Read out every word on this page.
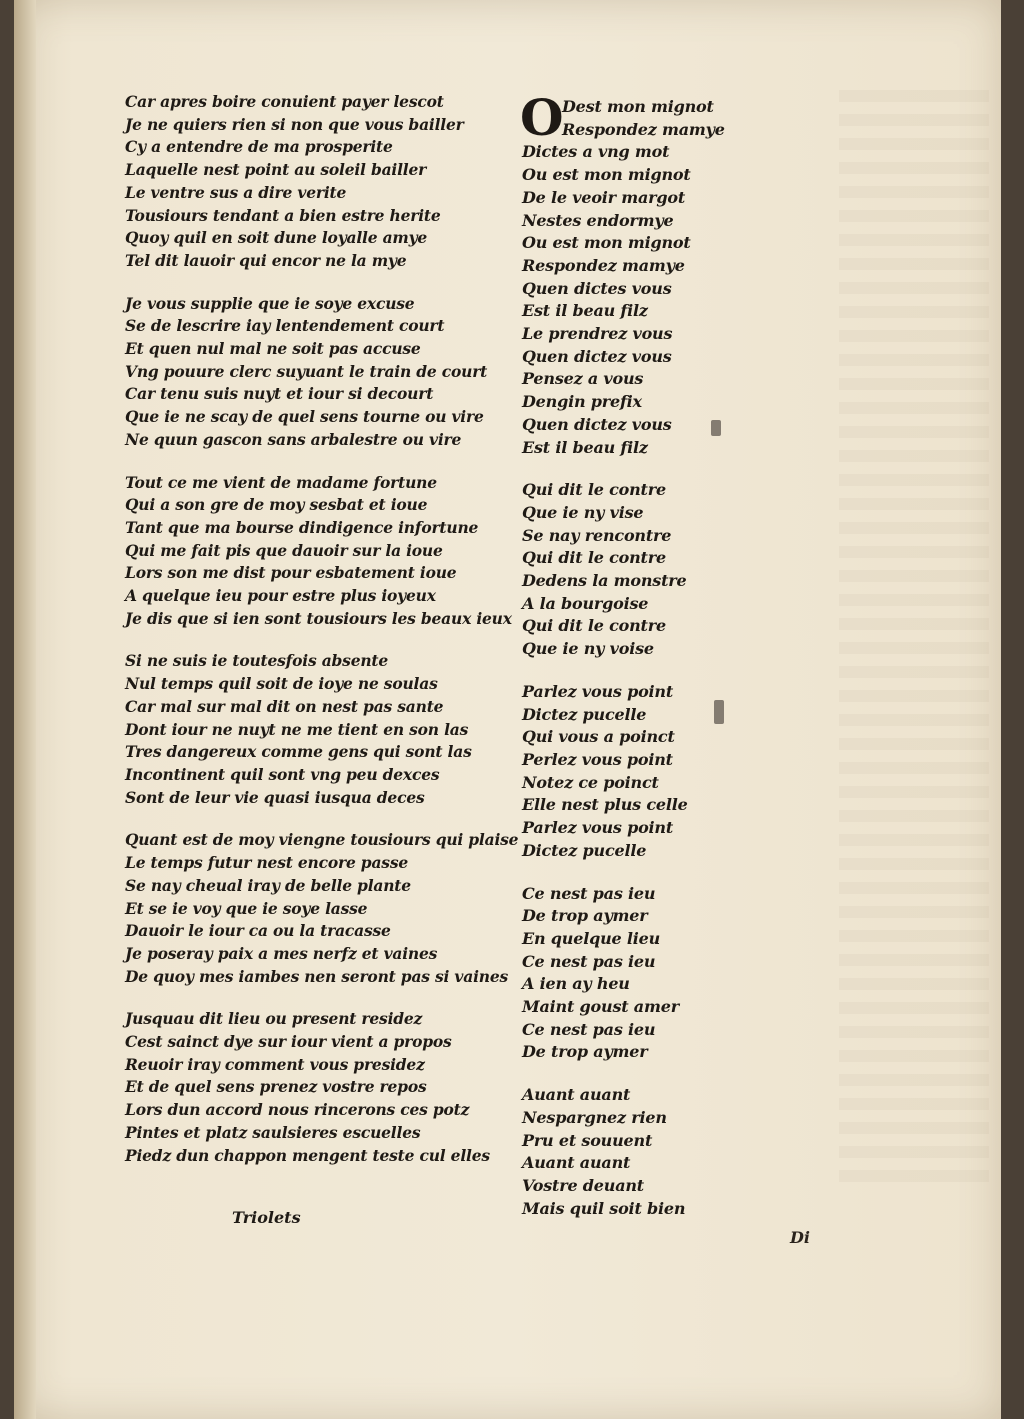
Car apres boire conuient payer lescot
Je ne quiers rien si non que vous bailler
Cy a entendre de ma prosperite
Laquelle nest point au soleil bailler
Le ventre sus a dire verite
Tousiours tendant a bien estre herite
Quoy quil en soit dune loyalle amye
Tel dit lauoir qui encor ne la mye
Je vous supplie que ie soye excuse
Se de lescrire iay lentendement court
Et quen nul mal ne soit pas accuse
Vng pouure clerc suyuant le train de court
Car tenu suis nuyt et iour si decourt
Que ie ne scay de quel sens tourne ou vire
Ne quun gascon sans arbalestre ou vire
Tout ce me vient de madame fortune
Qui a son gre de moy sesbat et ioue
Tant que ma bourse dindigence infortune
Qui me fait pis que dauoir sur la ioue
Lors son me dist pour esbatement ioue
A quelque ieu pour estre plus ioyeux
Je dis que si ien sont tousiours les beaux ieux
Si ne suis ie toutesfois absente
Nul temps quil soit de ioye ne soulas
Car mal sur mal dit on nest pas sante
Dont iour ne nuyt ne me tient en son las
Tres dangereux comme gens qui sont las
Incontinent quil sont vng peu dexces
Sont de leur vie quasi iusqua deces
Quant est de moy viengne tousiours qui plaise
Le temps futur nest encore passe
Se nay cheual iray de belle plante
Et se ie voy que ie soye lasse
Dauoir le iour ca ou la tracasse
Je poseray paix a mes nerfz et vaines
De quoy mes iambes nen seront pas si vaines
Jusquau dit lieu ou present residez
Cest sainct dye sur iour vient a propos
Reuoir iray comment vous presidez
Et de quel sens prenez vostre repos
Lors dun accord nous rincerons ces potz
Pintes et platz saulsieres escuelles
Piedz dun chappon mengent teste cul elles
Triolets
O
Dest mon mignot
Respondez mamye
Dictes a vng mot
Ou est mon mignot
De le veoir margot
Nestes endormye
Ou est mon mignot
Respondez mamye
Quen dictes vous
Est il beau filz
Le prendrez vous
Quen dictez vous
Pensez a vous
Dengin prefix
Quen dictez vous
Est il beau filz
Qui dit le contre
Que ie ny vise
Se nay rencontre
Qui dit le contre
Dedens la monstre
A la bourgoise
Qui dit le contre
Que ie ny voise
Parlez vous point
Dictez pucelle
Qui vous a poinct
Perlez vous point
Notez ce poinct
Elle nest plus celle
Parlez vous point
Dictez pucelle
Ce nest pas ieu
De trop aymer
En quelque lieu
Ce nest pas ieu
A ien ay heu
Maint goust amer
Ce nest pas ieu
De trop aymer
Auant auant
Nespargnez rien
Pru et souuent
Auant auant
Vostre deuant
Mais quil soit bien
Di
